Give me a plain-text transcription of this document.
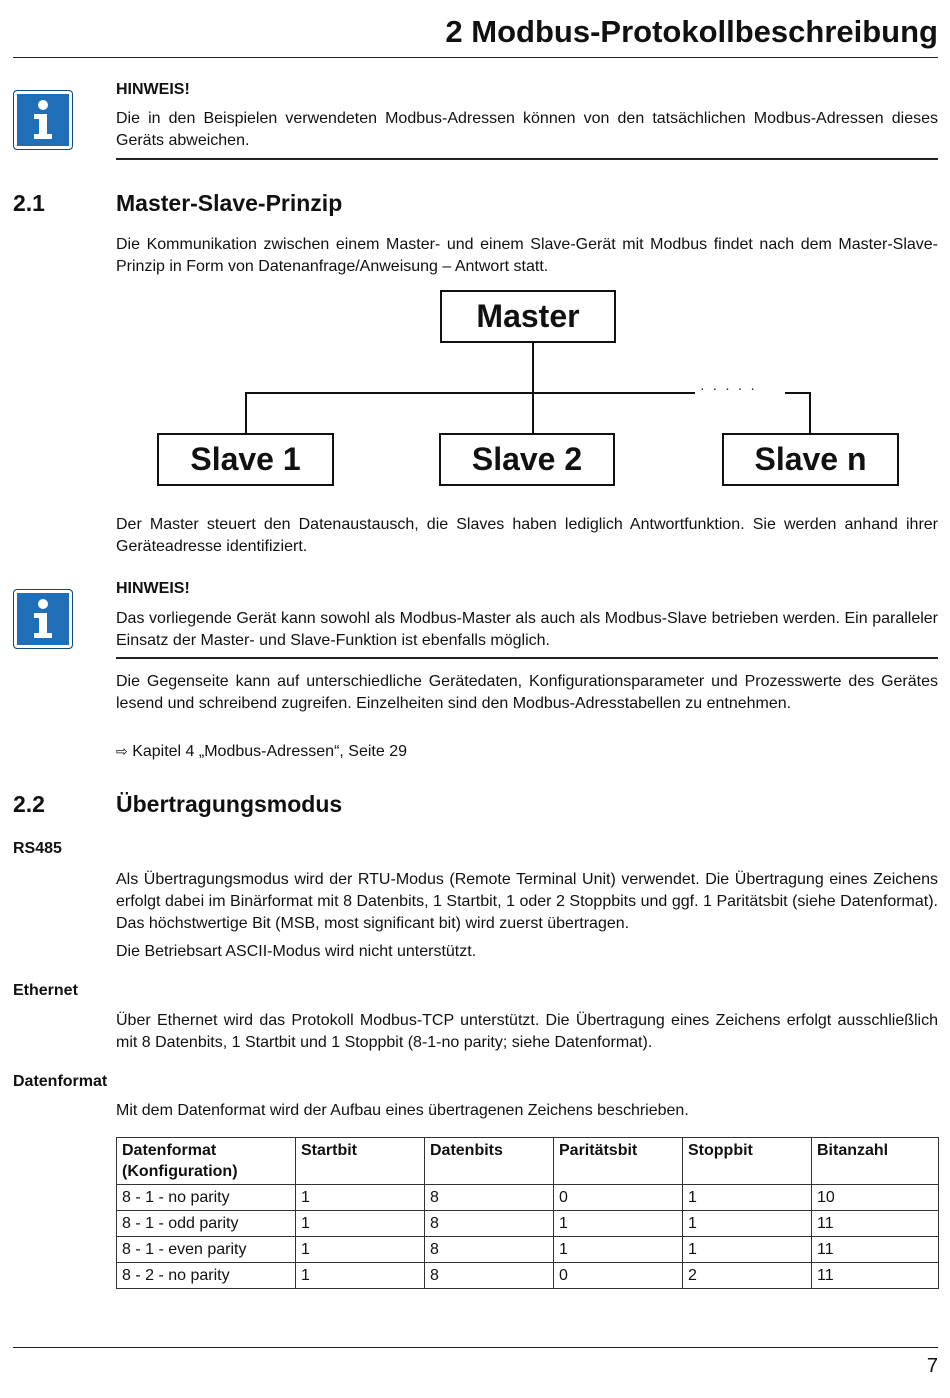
2 Modbus-Protokollbeschreibung
HINWEIS!
Die in den Beispielen verwendeten Modbus-Adressen können von den tatsächlichen Modbus-Adressen dieses Geräts abweichen.
2.1	Master-Slave-Prinzip
Die Kommunikation zwischen einem Master- und einem Slave-Gerät mit Modbus findet nach dem Master-Slave-Prinzip in Form von Datenanfrage/Anweisung – Antwort statt.
· · · · ·
Master
Slave 1	Slave 2	Slave n
Der Master steuert den Datenaustausch, die Slaves haben lediglich Antwortfunktion. Sie werden anhand ihrer Geräteadresse identifiziert.
HINWEIS!
Das vorliegende Gerät kann sowohl als Modbus-Master als auch als Modbus-Slave betrieben werden. Ein paralleler Einsatz der Master- und Slave-Funktion ist ebenfalls möglich.
Die Gegenseite kann auf unterschiedliche Gerätedaten, Konfigurationsparameter und Prozesswerte des Gerätes lesend und schreibend zugreifen. Einzelheiten sind den Modbus-Adresstabellen zu entnehmen.
⇨ Kapitel 4 „Modbus-Adressen“, Seite 29
2.2	Übertragungsmodus
RS485
Als Übertragungsmodus wird der RTU-Modus (Remote Terminal Unit) verwendet. Die Übertragung eines Zeichens erfolgt dabei im Binärformat mit 8 Datenbits, 1 Startbit, 1 oder 2 Stoppbits und ggf. 1 Paritätsbit (siehe Datenformat). Das höchstwertige Bit (MSB, most significant bit) wird zuerst übertragen.
Die Betriebsart ASCII-Modus wird nicht unterstützt.
Ethernet
Über Ethernet wird das Protokoll Modbus-TCP unterstützt. Die Übertragung eines Zeichens erfolgt ausschließlich mit 8 Datenbits, 1 Startbit und 1 Stoppbit (8-1-no parity; siehe Datenformat).
Datenformat
Mit dem Datenformat wird der Aufbau eines übertragenen Zeichens beschrieben.
Datenformat (Konfiguration)	Startbit	Datenbits	Paritätsbit	Stoppbit	Bitanzahl
8 - 1 - no parity	1	8	0	1	10
8 - 1 - odd parity	1	8	1	1	11
8 - 1 - even parity	1	8	1	1	11
8 - 2 - no parity	1	8	0	2	11
7
